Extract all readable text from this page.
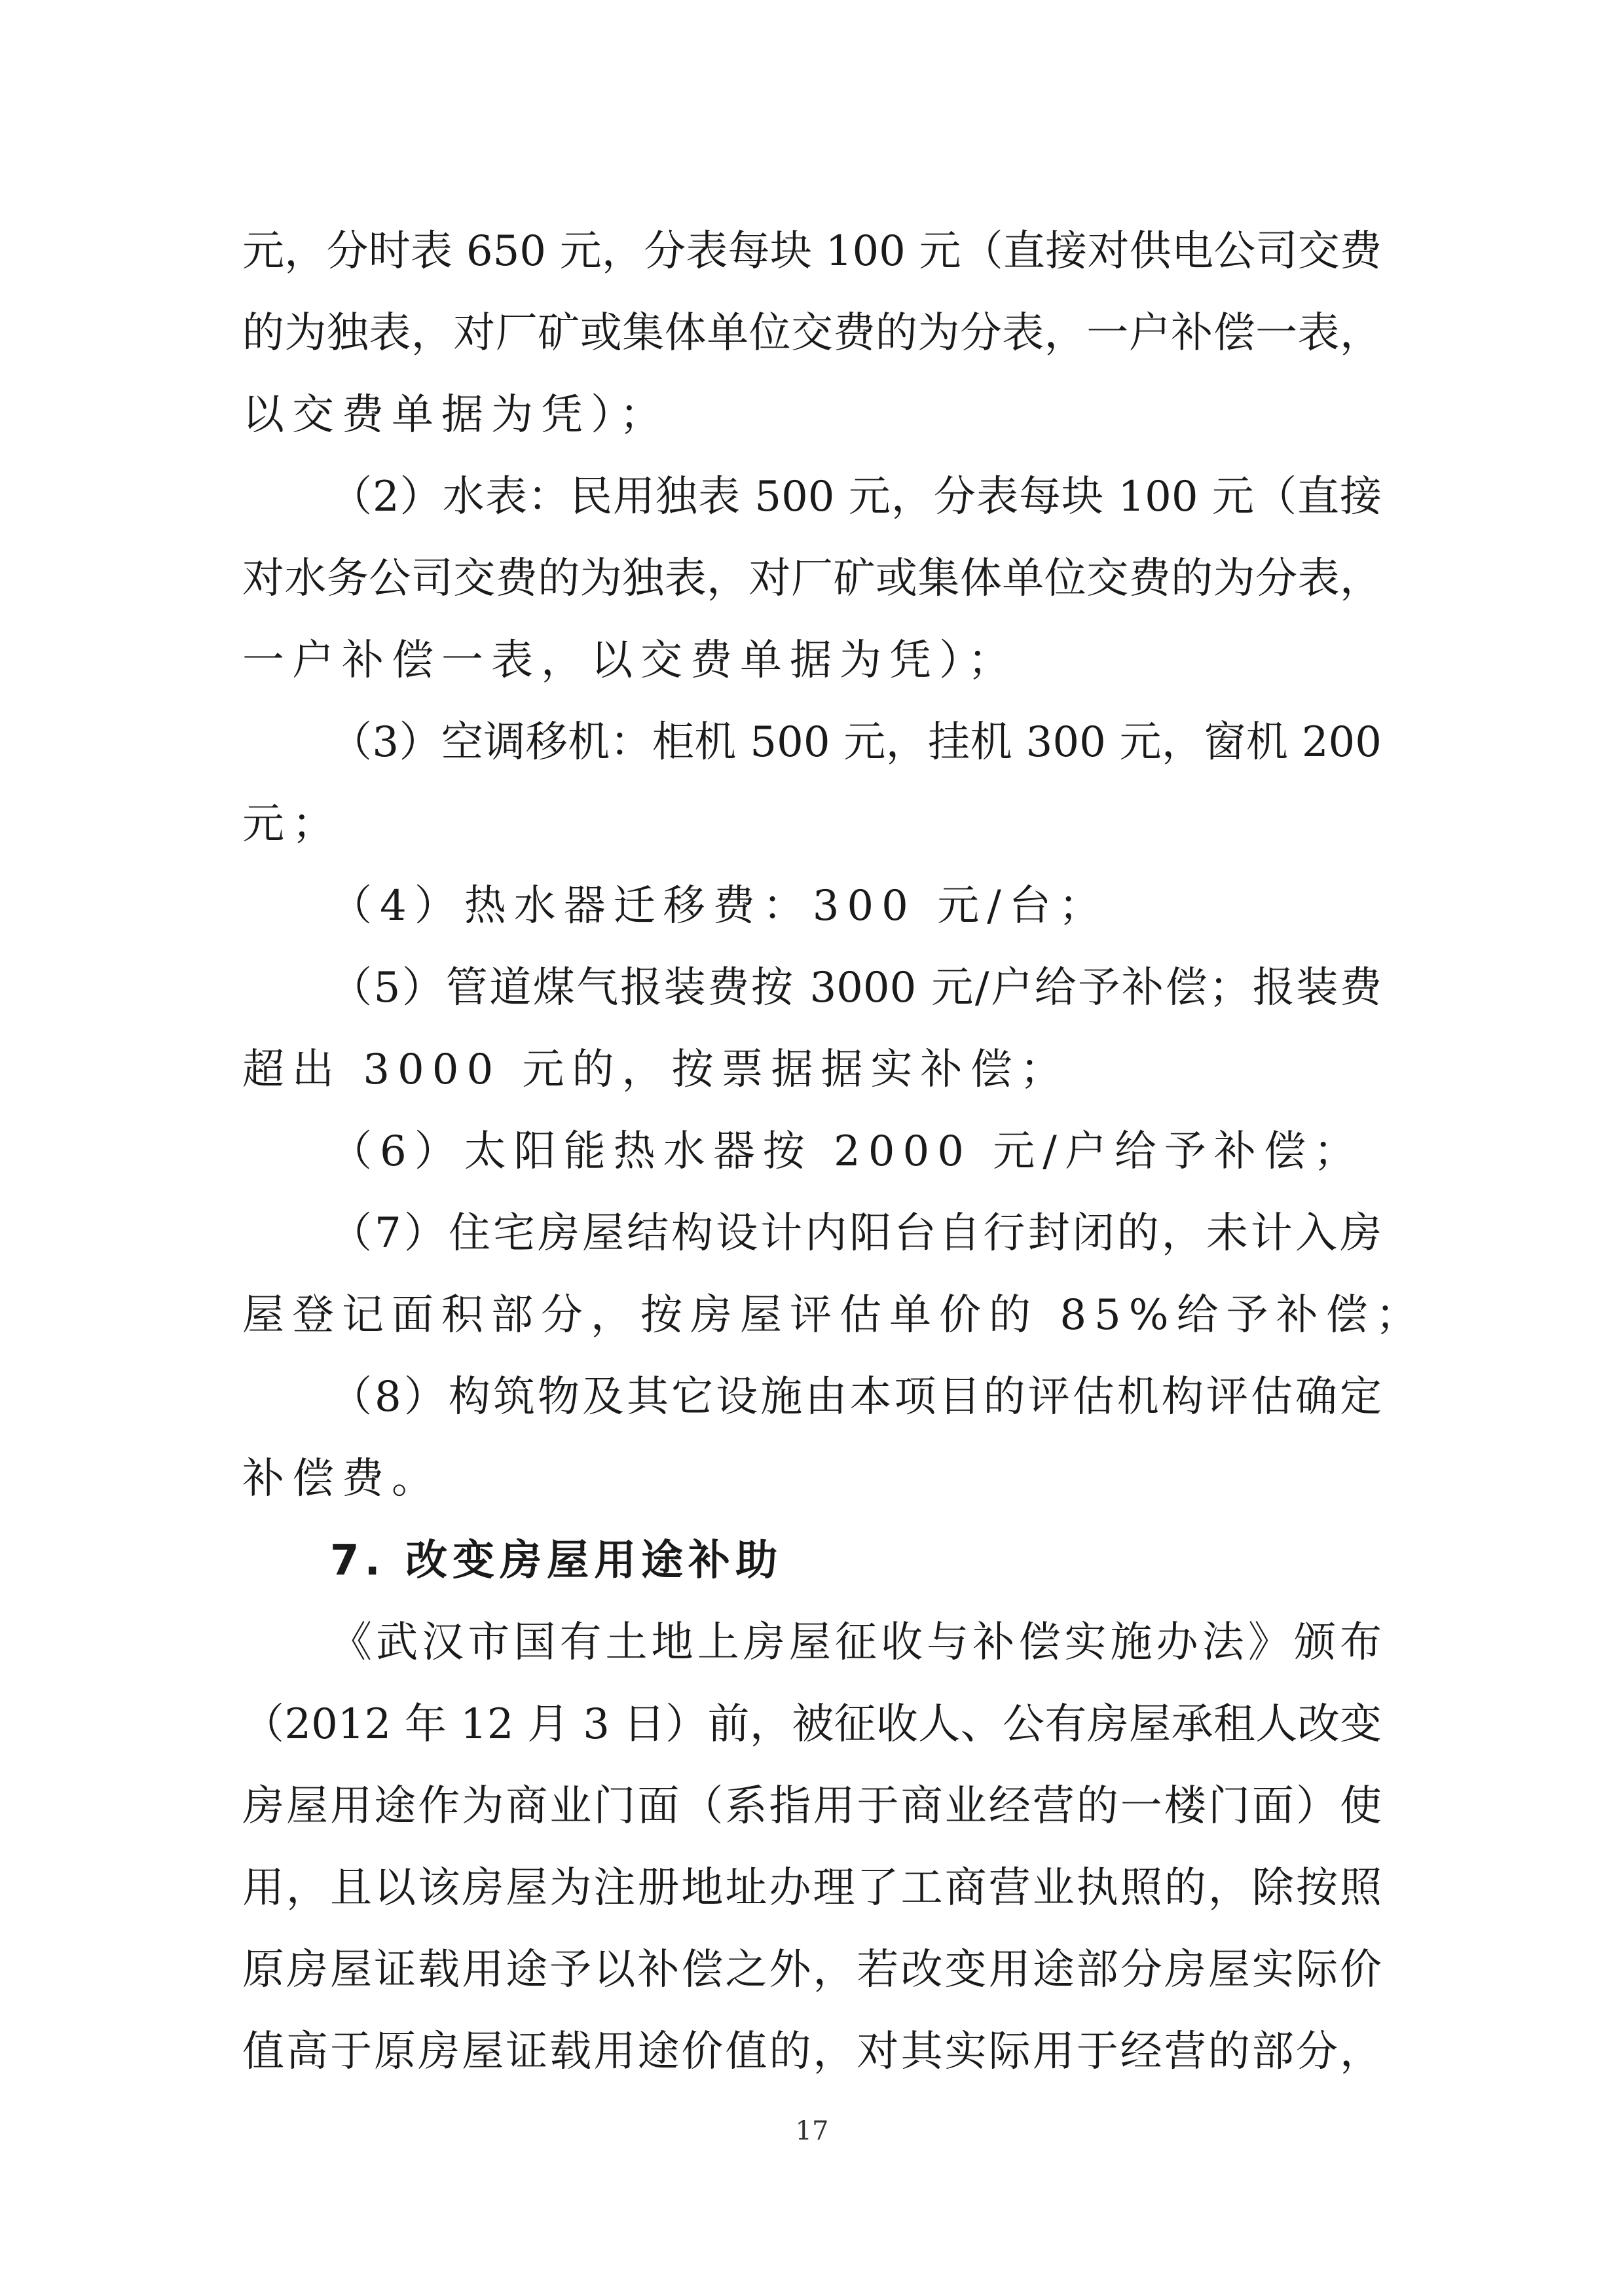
元，分时表 650 元，分表每块 100 元（直接对供电公司交费
的为独表，对厂矿或集体单位交费的为分表，一户补偿一表，
以交费单据为凭）；
（2）水表：民用独表 500 元，分表每块 100 元（直接
对水务公司交费的为独表，对厂矿或集体单位交费的为分表，
一户补偿一表，以交费单据为凭）；
（3）空调移机：柜机 500 元，挂机 300 元，窗机 200
元；
（4）热水器迁移费：300 元/台；
（5）管道煤气报装费按 3000 元/户给予补偿；报装费
超出 3000 元的，按票据据实补偿；
（6）太阳能热水器按 2000 元/户给予补偿；
（7）住宅房屋结构设计内阳台自行封闭的，未计入房
屋登记面积部分，按房屋评估单价的 85%给予补偿；
（8）构筑物及其它设施由本项目的评估机构评估确定
补偿费。
7. 改变房屋用途补助
《武汉市国有土地上房屋征收与补偿实施办法》颁布
（2012 年 12 月 3 日）前，被征收人、公有房屋承租人改变
房屋用途作为商业门面（系指用于商业经营的一楼门面）使
用，且以该房屋为注册地址办理了工商营业执照的，除按照
原房屋证载用途予以补偿之外，若改变用途部分房屋实际价
值高于原房屋证载用途价值的，对其实际用于经营的部分，
17
